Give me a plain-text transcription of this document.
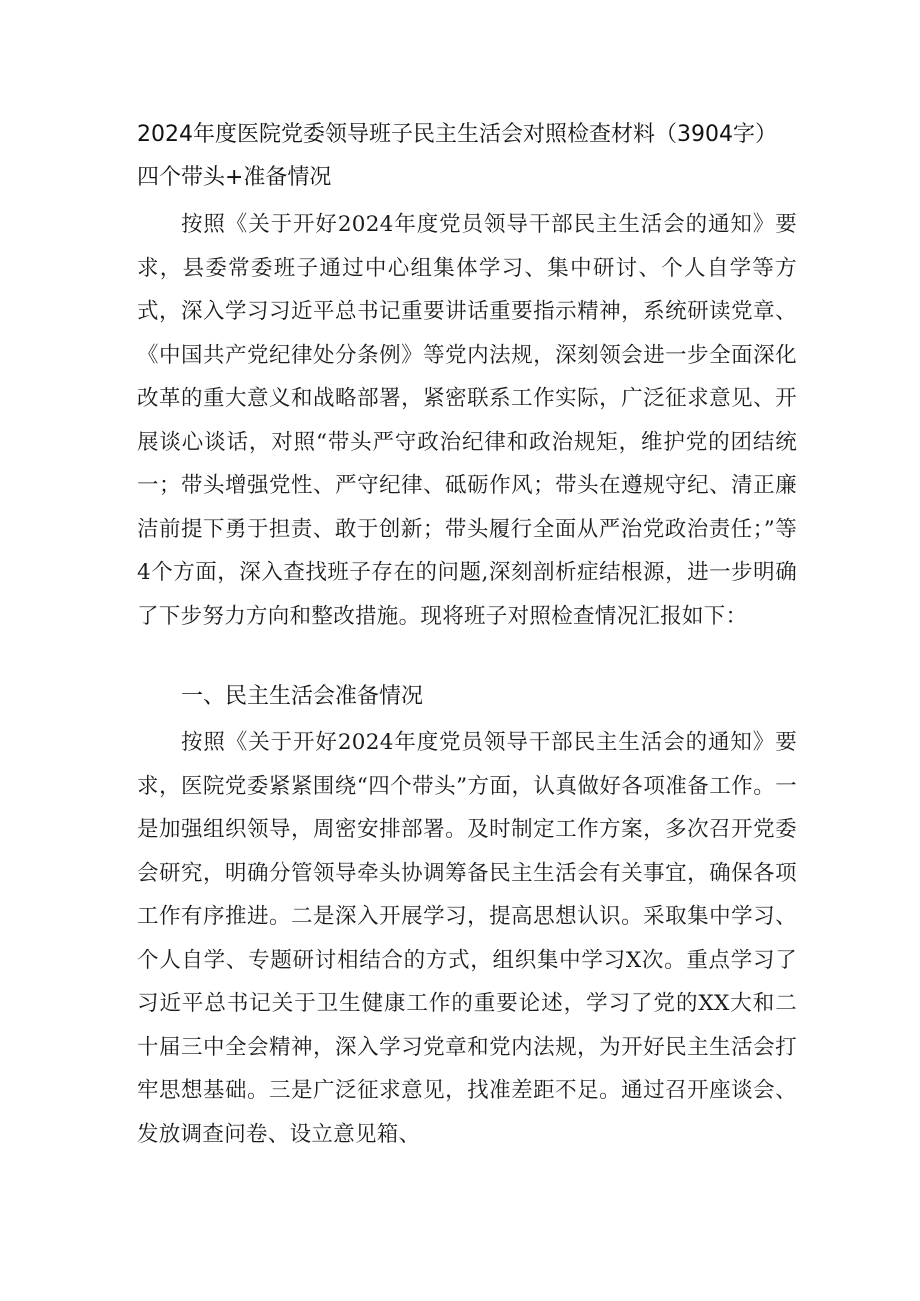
2024年度医院党委领导班子民主生活会对照检查材料（3904字）
四个带头+准备情况

按照《关于开好2024年度党员领导干部民主生活会的通知》要求，县委常委班子通过中心组集体学习、集中研讨、个人自学等方式，深入学习习近平总书记重要讲话重要指示精神，系统研读党章、《中国共产党纪律处分条例》等党内法规，深刻领会进一步全面深化改革的重大意义和战略部署，紧密联系工作实际，广泛征求意见、开展谈心谈话，对照“带头严守政治纪律和政治规矩，维护党的团结统一；带头增强党性、严守纪律、砥砺作风；带头在遵规守纪、清正廉洁前提下勇于担责、敢于创新；带头履行全面从严治党政治责任；”等4个方面，深入查找班子存在的问题,深刻剖析症结根源，进一步明确了下步努力方向和整改措施。现将班子对照检查情况汇报如下：

一、民主生活会准备情况

按照《关于开好2024年度党员领导干部民主生活会的通知》要求，医院党委紧紧围绕“四个带头”方面，认真做好各项准备工作。一是加强组织领导，周密安排部署。及时制定工作方案，多次召开党委会研究，明确分管领导牵头协调筹备民主生活会有关事宜，确保各项工作有序推进。二是深入开展学习，提高思想认识。采取集中学习、个人自学、专题研讨相结合的方式，组织集中学习X次。重点学习了习近平总书记关于卫生健康工作的重要论述，学习了党的XX大和二十届三中全会精神，深入学习党章和党内法规，为开好民主生活会打牢思想基础。三是广泛征求意见，找准差距不足。通过召开座谈会、发放调查问卷、设立意见箱、
